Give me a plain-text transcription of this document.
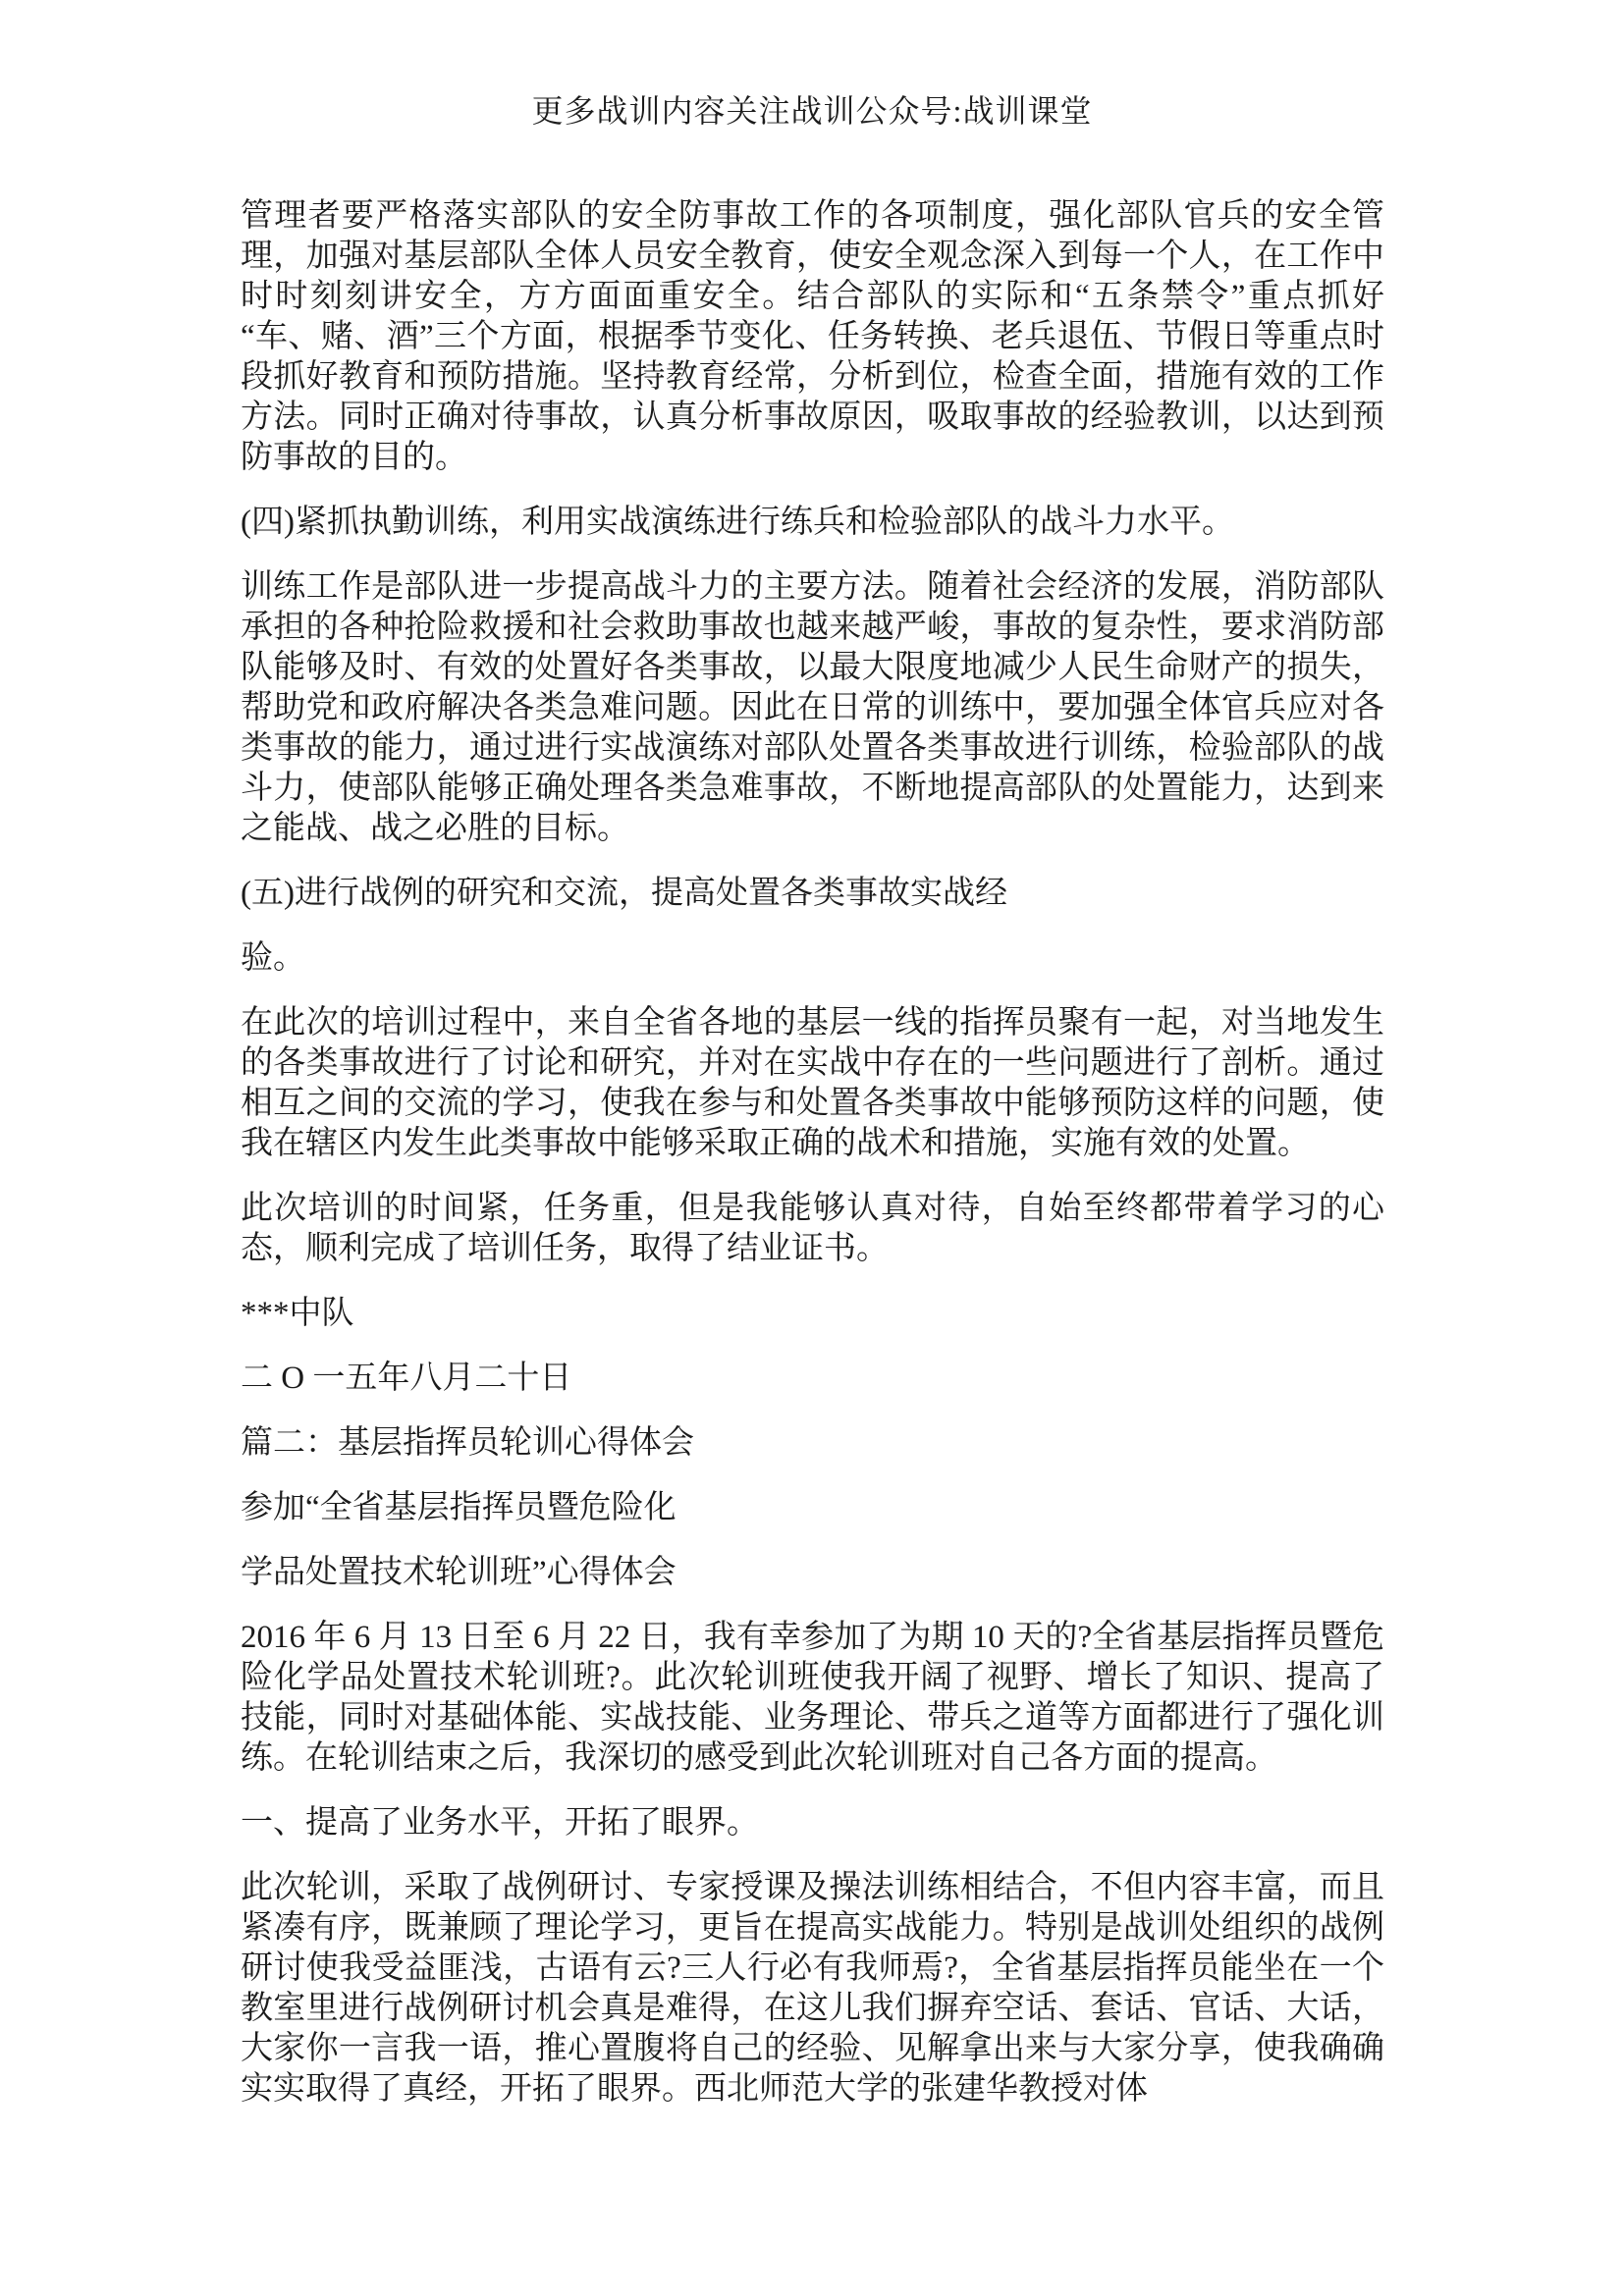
更多战训内容关注战训公众号:战训课堂

管理者要严格落实部队的安全防事故工作的各项制度，强化部队官兵的安全管理，加强对基层部队全体人员安全教育，使安全观念深入到每一个人，在工作中时时刻刻讲安全，方方面面重安全。结合部队的实际和“五条禁令”重点抓好“车、赌、酒”三个方面，根据季节变化、任务转换、老兵退伍、节假日等重点时段抓好教育和预防措施。坚持教育经常，分析到位，检查全面，措施有效的工作方法。同时正确对待事故，认真分析事故原因，吸取事故的经验教训，以达到预防事故的目的。

(四)紧抓执勤训练，利用实战演练进行练兵和检验部队的战斗力水平。

训练工作是部队进一步提高战斗力的主要方法。随着社会经济的发展，消防部队承担的各种抢险救援和社会救助事故也越来越严峻，事故的复杂性，要求消防部队能够及时、有效的处置好各类事故，以最大限度地减少人民生命财产的损失，帮助党和政府解决各类急难问题。因此在日常的训练中，要加强全体官兵应对各类事故的能力，通过进行实战演练对部队处置各类事故进行训练，检验部队的战斗力，使部队能够正确处理各类急难事故，不断地提高部队的处置能力，达到来之能战、战之必胜的目标。

(五)进行战例的研究和交流，提高处置各类事故实战经

验。

在此次的培训过程中，来自全省各地的基层一线的指挥员聚有一起，对当地发生的各类事故进行了讨论和研究，并对在实战中存在的一些问题进行了剖析。通过相互之间的交流的学习，使我在参与和处置各类事故中能够预防这样的问题，使我在辖区内发生此类事故中能够采取正确的战术和措施，实施有效的处置。

此次培训的时间紧，任务重，但是我能够认真对待，自始至终都带着学习的心态，顺利完成了培训任务，取得了结业证书。

***中队

二 O 一五年八月二十日

篇二：基层指挥员轮训心得体会

参加“全省基层指挥员暨危险化

学品处置技术轮训班”心得体会

2016 年 6 月 13 日至 6 月 22 日，我有幸参加了为期 10 天的?全省基层指挥员暨危险化学品处置技术轮训班?。此次轮训班使我开阔了视野、增长了知识、提高了技能，同时对基础体能、实战技能、业务理论、带兵之道等方面都进行了强化训练。在轮训结束之后，我深切的感受到此次轮训班对自己各方面的提高。

一、提高了业务水平，开拓了眼界。

此次轮训，采取了战例研讨、专家授课及操法训练相结合，不但内容丰富，而且紧凑有序，既兼顾了理论学习，更旨在提高实战能力。特别是战训处组织的战例研讨使我受益匪浅，古语有云?三人行必有我师焉?，全省基层指挥员能坐在一个教室里进行战例研讨机会真是难得，在这儿我们摒弃空话、套话、官话、大话，大家你一言我一语，推心置腹将自己的经验、见解拿出来与大家分享，使我确确实实取得了真经，开拓了眼界。西北师范大学的张建华教授对体
